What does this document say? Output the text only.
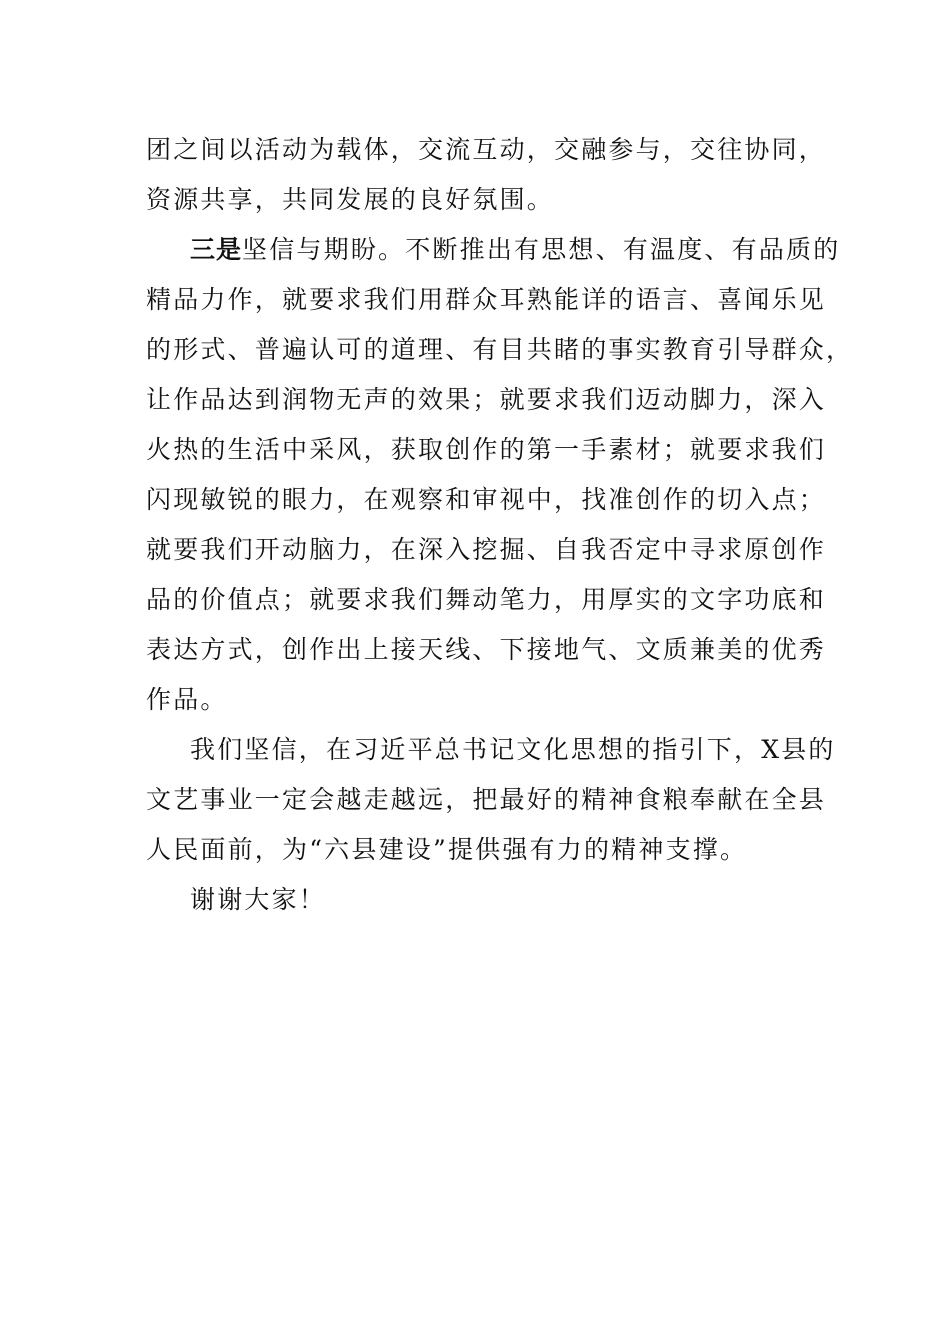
团之间以活动为载体，交流互动，交融参与，交往协同，
资源共享，共同发展的良好氛围。
三是坚信与期盼。不断推出有思想、有温度、有品质的
精品力作，就要求我们用群众耳熟能详的语言、喜闻乐见
的形式、普遍认可的道理、有目共睹的事实教育引导群众，
让作品达到润物无声的效果；就要求我们迈动脚力，深入
火热的生活中采风，获取创作的第一手素材；就要求我们
闪现敏锐的眼力，在观察和审视中，找准创作的切入点；
就要我们开动脑力，在深入挖掘、自我否定中寻求原创作
品的价值点；就要求我们舞动笔力，用厚实的文字功底和
表达方式，创作出上接天线、下接地气、文质兼美的优秀
作品。
我们坚信，在习近平总书记文化思想的指引下，X县的
文艺事业一定会越走越远，把最好的精神食粮奉献在全县
人民面前，为“六县建设”提供强有力的精神支撑。
谢谢大家！
